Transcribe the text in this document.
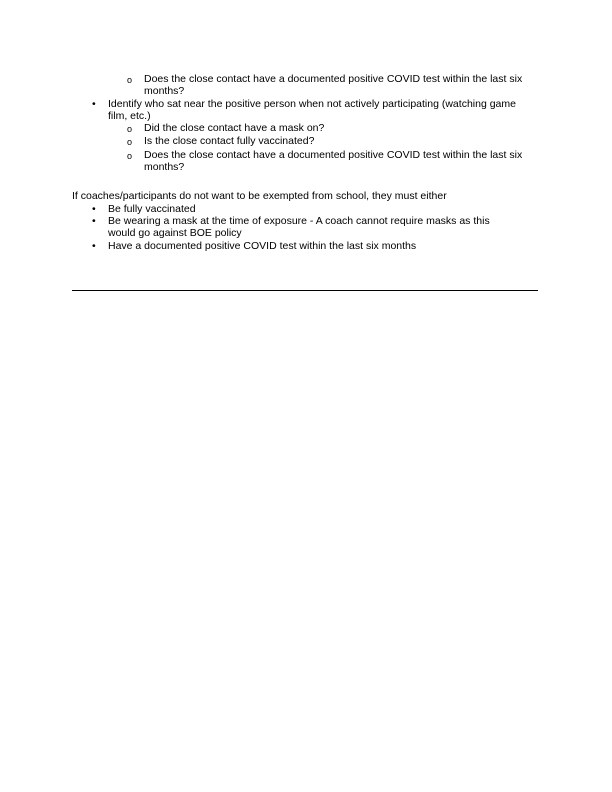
o Does the close contact have a documented positive COVID test within the last six months?
• Identify who sat near the positive person when not actively participating (watching game film, etc.)
o Did the close contact have a mask on?
o Is the close contact fully vaccinated?
o Does the close contact have a documented positive COVID test within the last six months?
If coaches/participants do not want to be exempted from school, they must either
• Be fully vaccinated
• Be wearing a mask at the time of exposure - A coach cannot require masks as this would go against BOE policy
• Have a documented positive COVID test within the last six months
